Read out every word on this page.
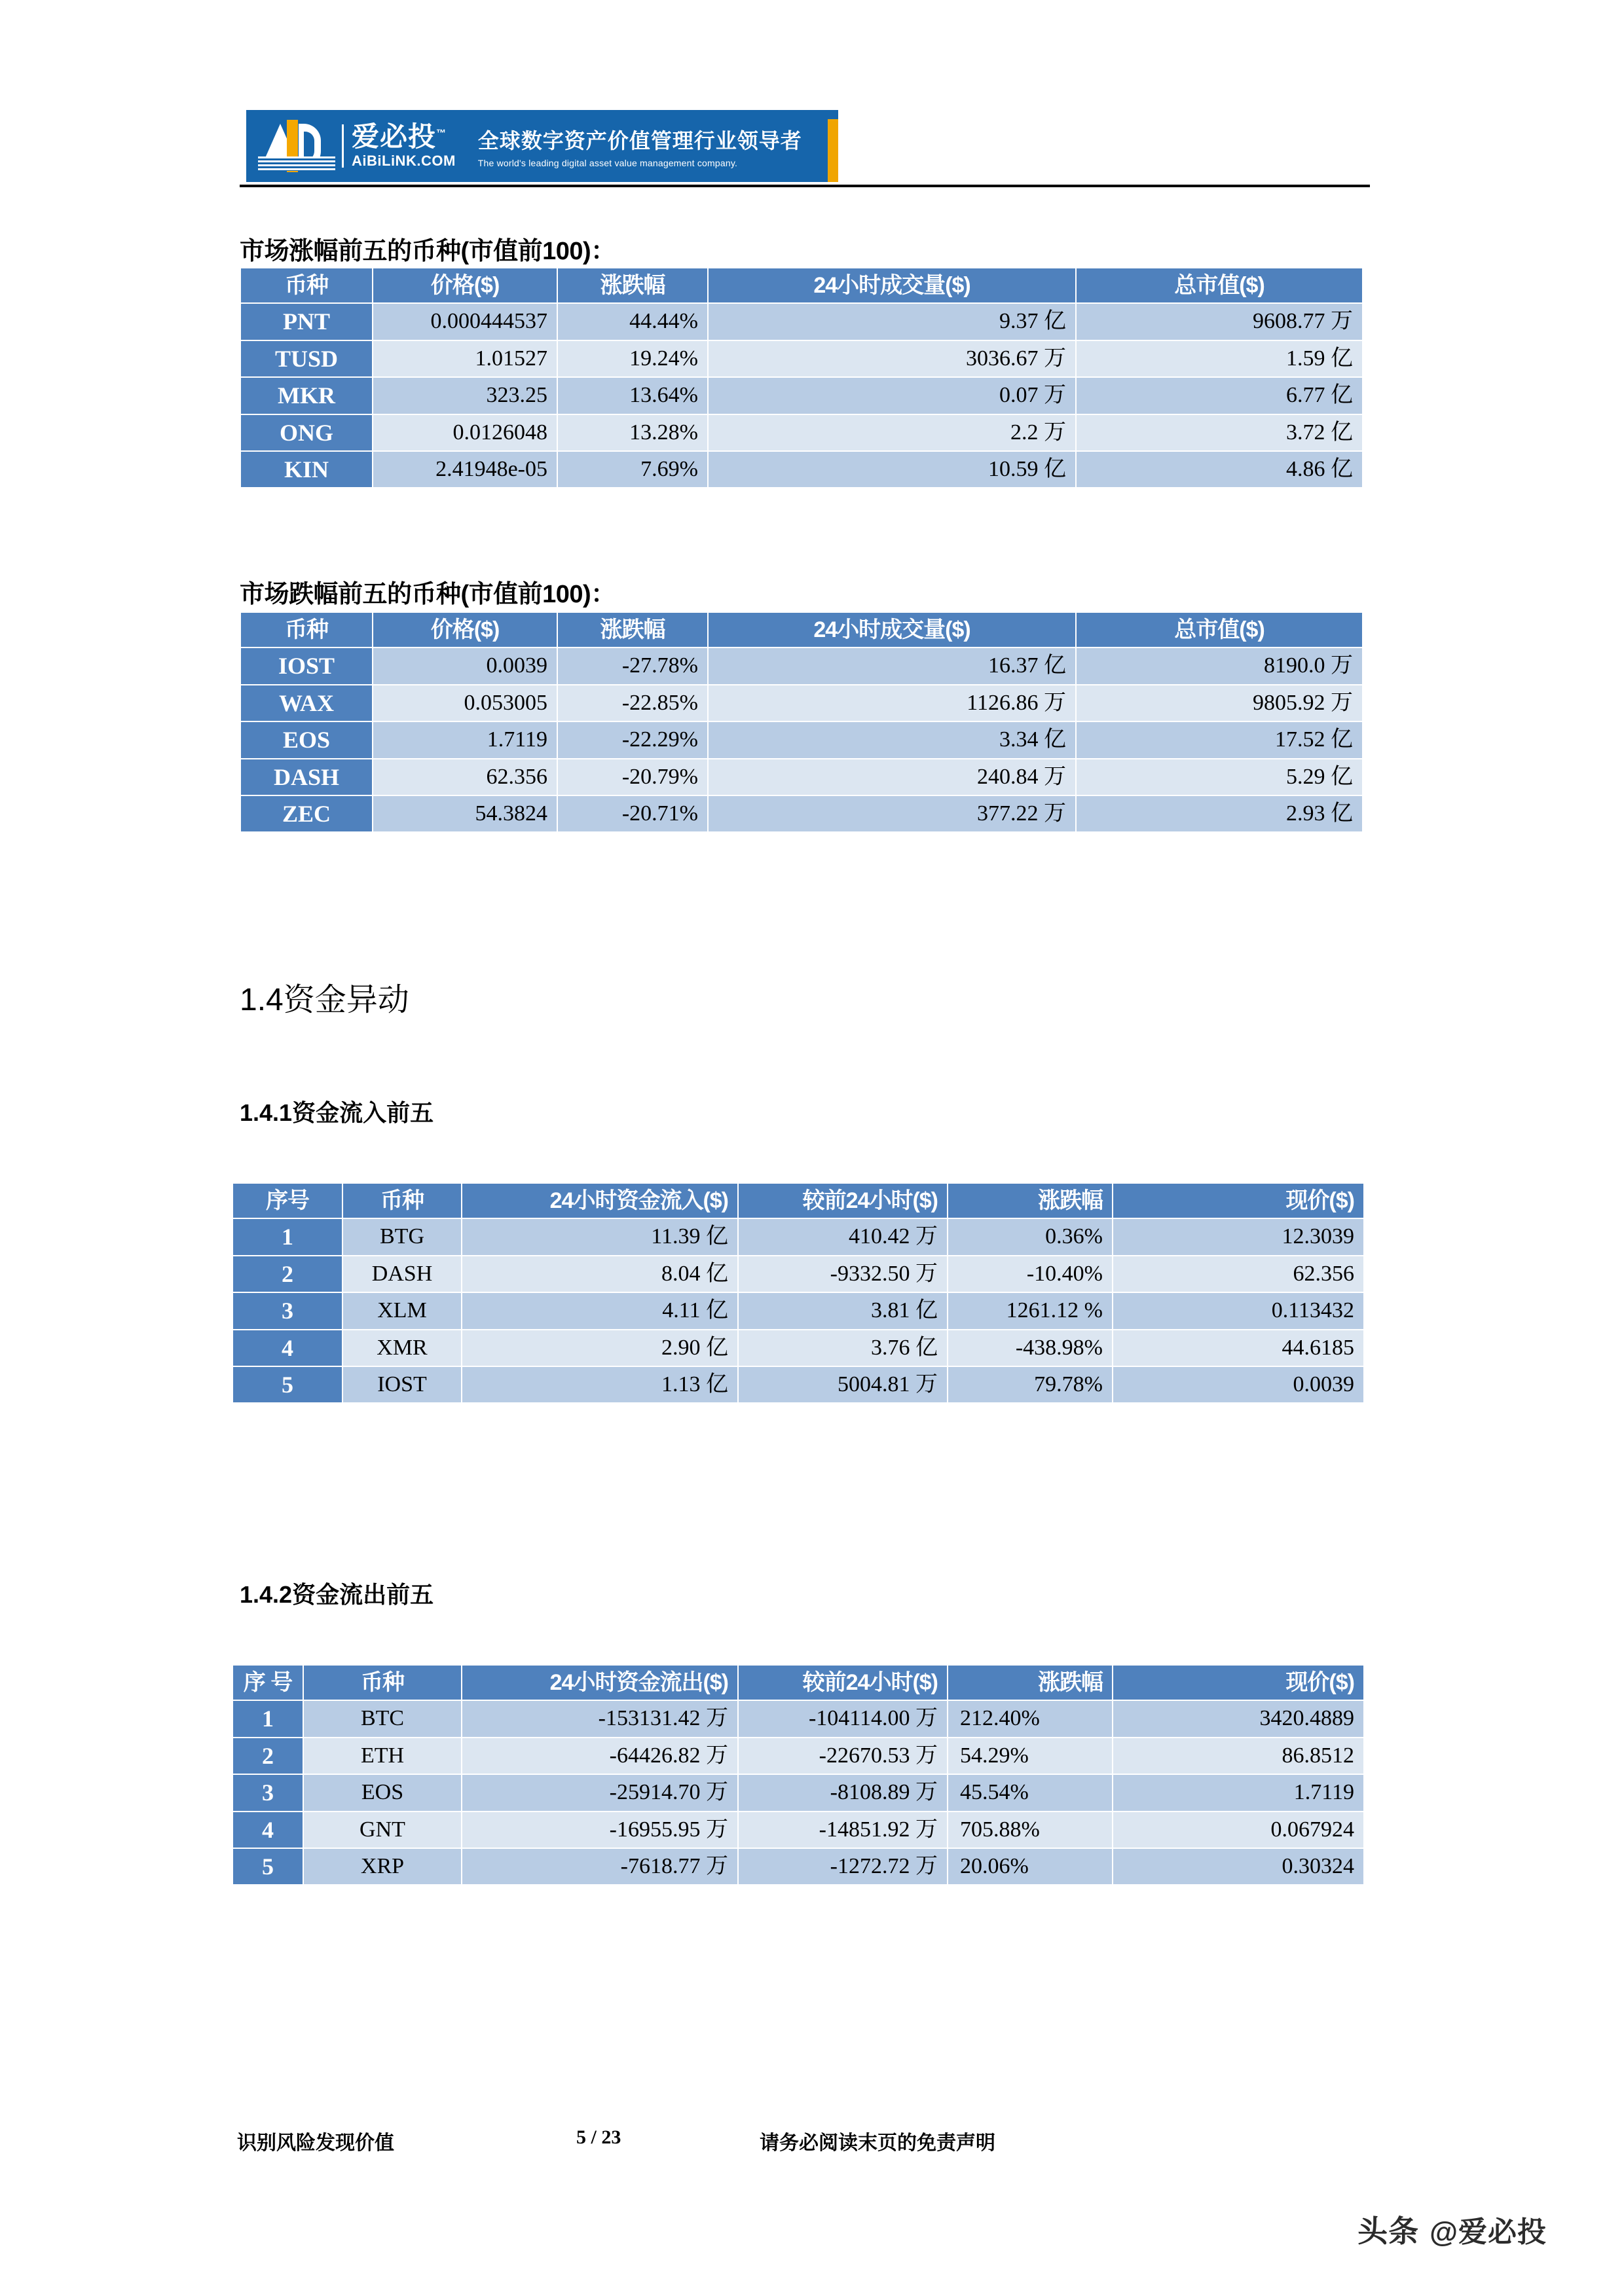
爱必投™
AiBiLiNK.COM
全球数字资产价值管理行业领导者
The world's leading digital asset value management company.
市场涨幅前五的币种(市值前100)：
币种	价格($)	涨跌幅	24小时成交量($)	总市值($)
PNT	0.000444537	44.44%	9.37 亿	9608.77 万
TUSD	1.01527	19.24%	3036.67 万	1.59 亿
MKR	323.25	13.64%	0.07 万	6.77 亿
ONG	0.0126048	13.28%	2.2 万	3.72 亿
KIN	2.41948e-05	7.69%	10.59 亿	4.86 亿
市场跌幅前五的币种(市值前100)：
币种	价格($)	涨跌幅	24小时成交量($)	总市值($)
IOST	0.0039	-27.78%	16.37 亿	8190.0 万
WAX	0.053005	-22.85%	1126.86 万	9805.92 万
EOS	1.7119	-22.29%	3.34 亿	17.52 亿
DASH	62.356	-20.79%	240.84 万	5.29 亿
ZEC	54.3824	-20.71%	377.22 万	2.93 亿
1.4资金异动
1.4.1资金流入前五
序号	币种	24小时资金流入($)	较前24小时($)	涨跌幅	现价($)
1	BTG	11.39 亿	410.42 万	0.36%	12.3039
2	DASH	8.04 亿	-9332.50 万	-10.40%	62.356
3	XLM	4.11 亿	3.81 亿	1261.12 %	0.113432
4	XMR	2.90 亿	3.76 亿	-438.98%	44.6185
5	IOST	1.13 亿	5004.81 万	79.78%	0.0039
1.4.2资金流出前五
序 号	币种	24小时资金流出($)	较前24小时($)	涨跌幅	现价($)
1	BTC	-153131.42 万	-104114.00 万	212.40%	3420.4889
2	ETH	-64426.82 万	-22670.53 万	54.29%	86.8512
3	EOS	-25914.70 万	-8108.89 万	45.54%	1.7119
4	GNT	-16955.95 万	-14851.92 万	705.88%	0.067924
5	XRP	-7618.77 万	-1272.72 万	20.06%	0.30324
识别风险发现价值	5 / 23	请务必阅读末页的免责声明
头条 @爱必投
